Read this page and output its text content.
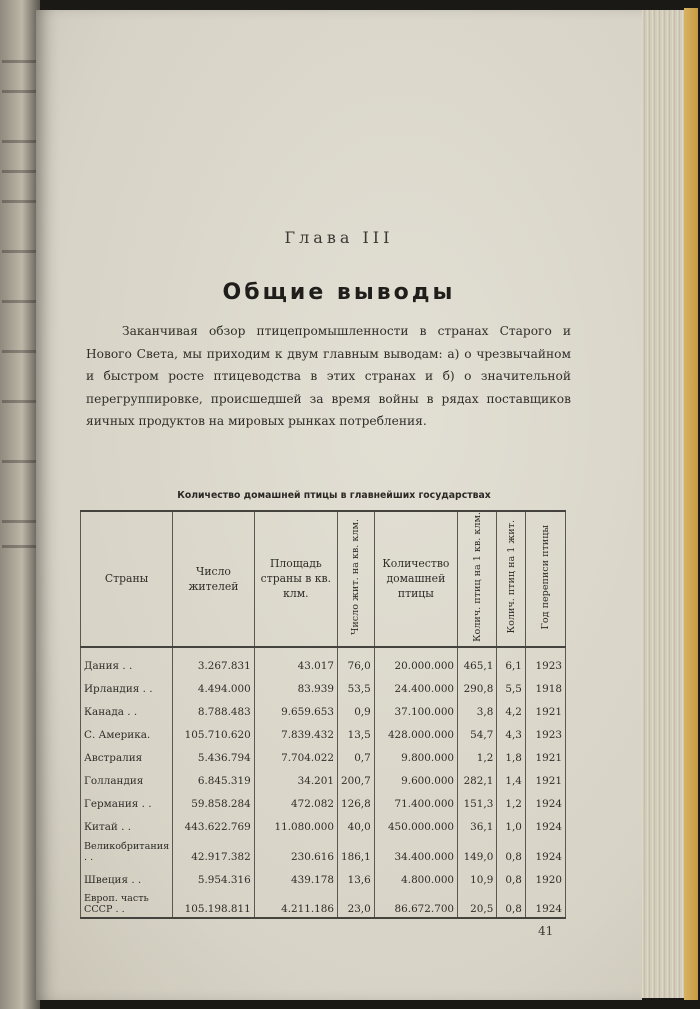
Глава III
Общие выводы

Заканчивая обзор птицепромышленности в странах Старого и Нового Света, мы приходим к двум главным выводам: а) о чрезвычайном и быстром росте птицеводства в этих странах и б) о значительной перегруппировке, происшедшей за время войны в рядах поставщиков яичных продуктов на мировых рынках потребления.

Количество домашней птицы в главнейших государствах
Страны	Число жителей	Площадь страны в кв. клм.	Число жит. на кв. клм.	Количество домашней птицы	Колич. птиц на 1 кв. клм.	Колич. птиц на 1 жит.	Год переписи птицы
Дания . .	3.267.831	43.017	76,0	20.000.000	465,1	6,1	1923
Ирландия . .	4.494.000	83.939	53,5	24.400.000	290,8	5,5	1918
Канада . .	8.788.483	9.659.653	0,9	37.100.000	3,8	4,2	1921
С. Америка.	105.710.620	7.839.432	13,5	428.000.000	54,7	4,3	1923
Австралия	5.436.794	7.704.022	0,7	9.800.000	1,2	1,8	1921
Голландия	6.845.319	34.201	200,7	9.600.000	282,1	1,4	1921
Германия . .	59.858.284	472.082	126,8	71.400.000	151,3	1,2	1924
Китай . .	443.622.769	11.080.000	40,0	450.000.000	36,1	1,0	1924
Великобритания . .	42.917.382	230.616	186,1	34.400.000	149,0	0,8	1924
Швеция . .	5.954.316	439.178	13,6	4.800.000	10,9	0,8	1920
Европ. часть СССР . .	105.198.811	4.211.186	23,0	86.672.700	20,5	0,8	1924
41
